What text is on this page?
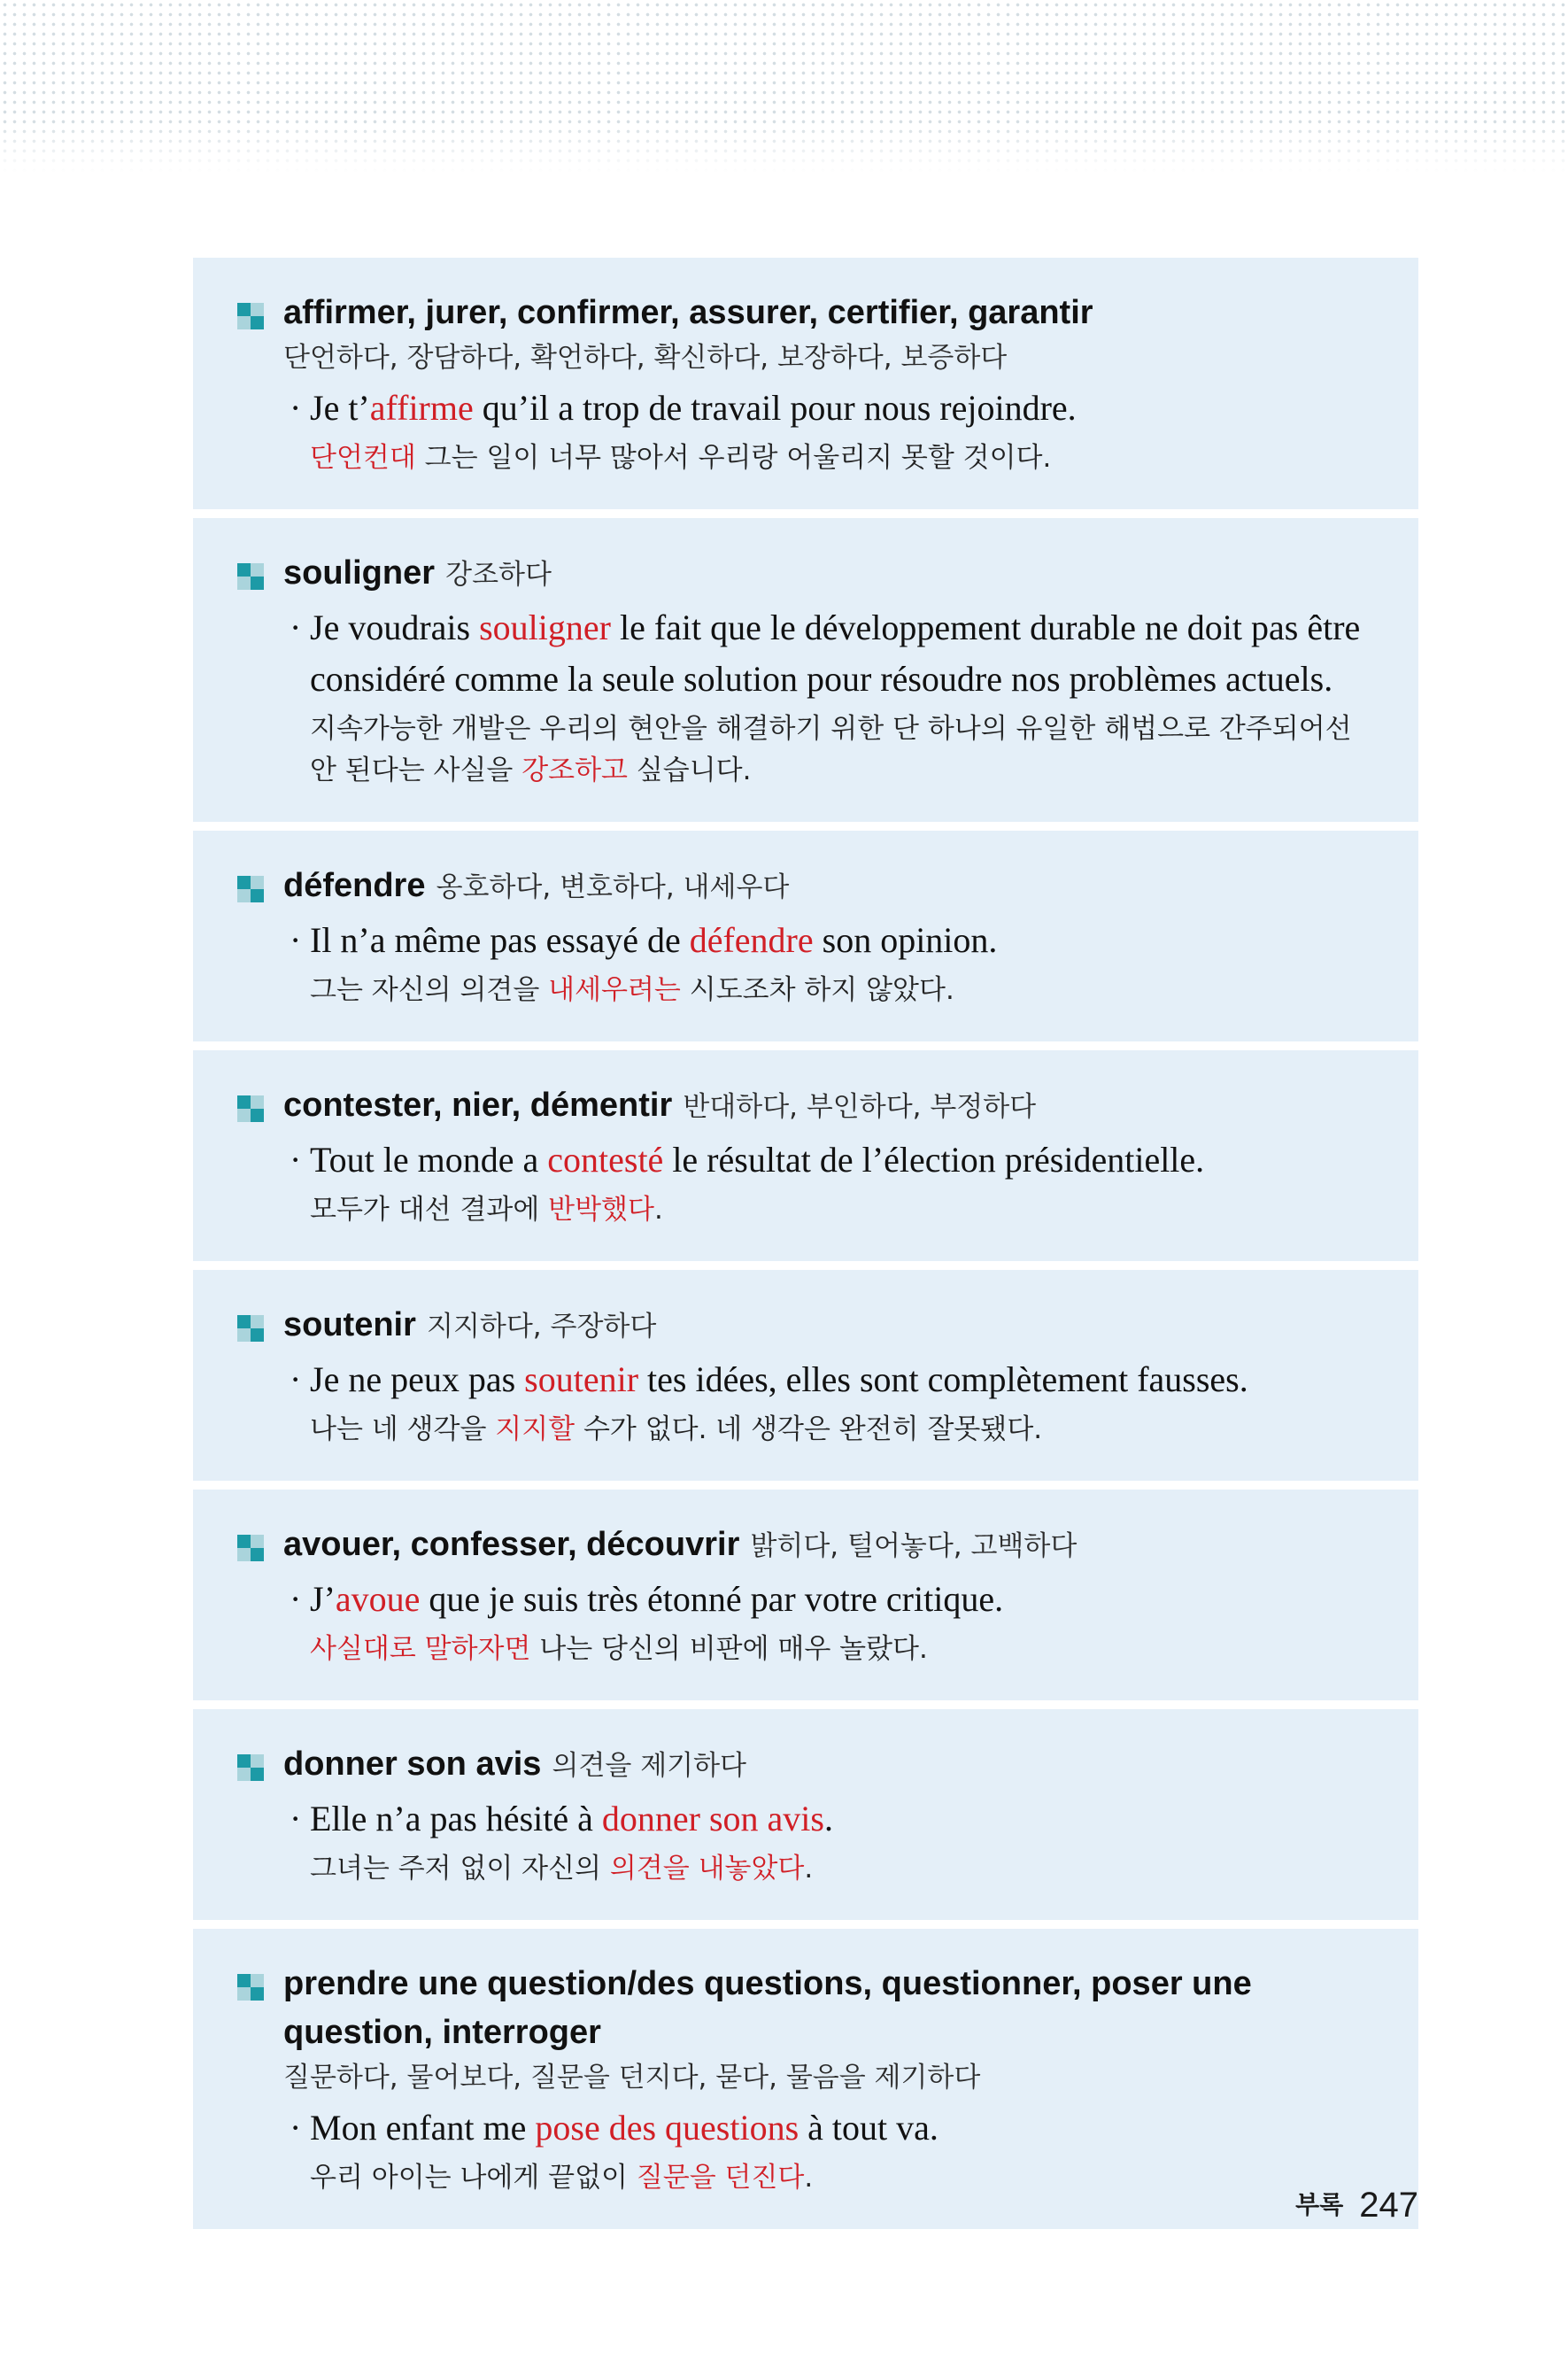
affirmer, jurer, confirmer, assurer, certifier, garantir
단언하다, 장담하다, 확언하다, 확신하다, 보장하다, 보증하다
· Je t’affirme qu’il a trop de travail pour nous rejoindre.
단언컨대 그는 일이 너무 많아서 우리랑 어울리지 못할 것이다.
souligner 강조하다
· Je voudrais souligner le fait que le développement durable ne doit pas être considéré comme la seule solution pour résoudre nos problèmes actuels.
지속가능한 개발은 우리의 현안을 해결하기 위한 단 하나의 유일한 해법으로 간주되어선 안 된다는 사실을 강조하고 싶습니다.
défendre 옹호하다, 변호하다, 내세우다
· Il n’a même pas essayé de défendre son opinion.
그는 자신의 의견을 내세우려는 시도조차 하지 않았다.
contester, nier, démentir 반대하다, 부인하다, 부정하다
· Tout le monde a contesté le résultat de l’élection présidentielle.
모두가 대선 결과에 반박했다.
soutenir 지지하다, 주장하다
· Je ne peux pas soutenir tes idées, elles sont complètement fausses.
나는 네 생각을 지지할 수가 없다. 네 생각은 완전히 잘못됐다.
avouer, confesser, découvrir 밝히다, 털어놓다, 고백하다
· J’avoue que je suis très étonné par votre critique.
사실대로 말하자면 나는 당신의 비판에 매우 놀랐다.
donner son avis 의견을 제기하다
· Elle n’a pas hésité à donner son avis.
그녀는 주저 없이 자신의 의견을 내놓았다.
prendre une question/des questions, questionner, poser une question, interroger
질문하다, 물어보다, 질문을 던지다, 묻다, 물음을 제기하다
· Mon enfant me pose des questions à tout va.
우리 아이는 나에게 끝없이 질문을 던진다.
부록 247
